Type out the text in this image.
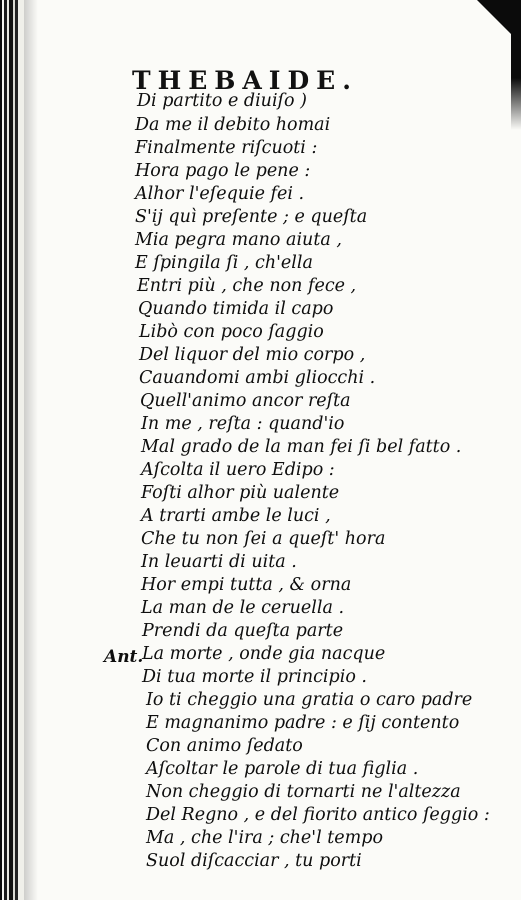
THEBAIDE.
Ant.
Di partito e diuiſo )
Da me il debito homai
Finalmente riſcuoti :
Hora pago le pene :
Alhor l'eſequie fei .
S'ij quì preſente ; e queſta
Mia pegra mano aiuta ,
E ſpingila ſi , ch'ella
Entri più , che non fece ,
Quando timida il capo
Libò con poco ſaggio
Del liquor del mio corpo ,
Cauandomi ambi gliocchi .
Quell'animo ancor reſta
In me , reſta : quand'io
Mal grado de la man fei ſi bel fatto .
Aſcolta il uero Edipo :
Foſti alhor più ualente
A trarti ambe le luci ,
Che tu non ſei a queſt' hora
In leuarti di uita .
Hor empi tutta , & orna
La man de le ceruella .
Prendi da queſta parte
La morte , onde gia nacque
Di tua morte il principio .
Io ti cheggio una gratia o caro padre
E magnanimo padre : e ſij contento
Con animo ſedato
Aſcoltar le parole di tua figlia .
Non cheggio di tornarti ne l'altezza
Del Regno , e del fiorito antico ſeggio :
Ma , che l'ira ; che'l tempo
Suol diſcacciar , tu porti
